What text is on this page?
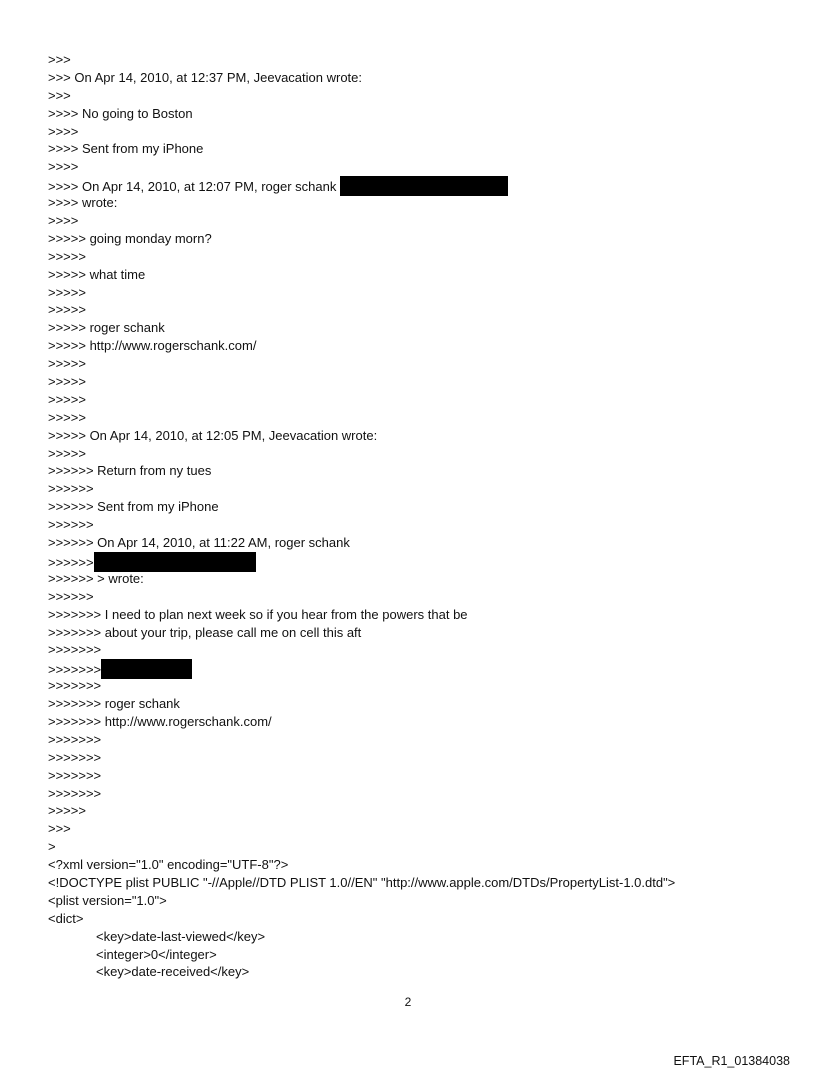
>>>
>>> On Apr 14, 2010, at 12:37 PM, Jeevacation wrote:
>>>
>>>> No going to Boston
>>>>
>>>> Sent from my iPhone
>>>>
>>>> On Apr 14, 2010, at 12:07 PM, roger schank
>>>> wrote:
>>>>
>>>>> going monday morn?
>>>>>
>>>>> what time
>>>>>
>>>>>
>>>>> roger schank
>>>>> http://www.rogerschank.com/
>>>>>
>>>>>
>>>>>
>>>>>
>>>>> On Apr 14, 2010, at 12:05 PM, Jeevacation wrote:
>>>>>
>>>>>> Return from ny tues
>>>>>>
>>>>>> Sent from my iPhone
>>>>>>
>>>>>> On Apr 14, 2010, at 11:22 AM, roger schank
>>>>>>
>>>>>> > wrote:
>>>>>>
>>>>>>> I need to plan next week so if you hear from the powers that be
>>>>>>> about your trip, please call me on cell this aft
>>>>>>>
>>>>>>>
>>>>>>>
>>>>>>> roger schank
>>>>>>> http://www.rogerschank.com/
>>>>>>>
>>>>>>>
>>>>>>>
>>>>>>>
>>>>>
>>>
>
<?xml version="1.0" encoding="UTF-8"?>
<!DOCTYPE plist PUBLIC "-//Apple//DTD PLIST 1.0//EN" "http://www.apple.com/DTDs/PropertyList-1.0.dtd">
<plist version="1.0">
<dict>
<key>date-last-viewed</key>
<integer>0</integer>
<key>date-received</key>
2
EFTA_R1_01384038
